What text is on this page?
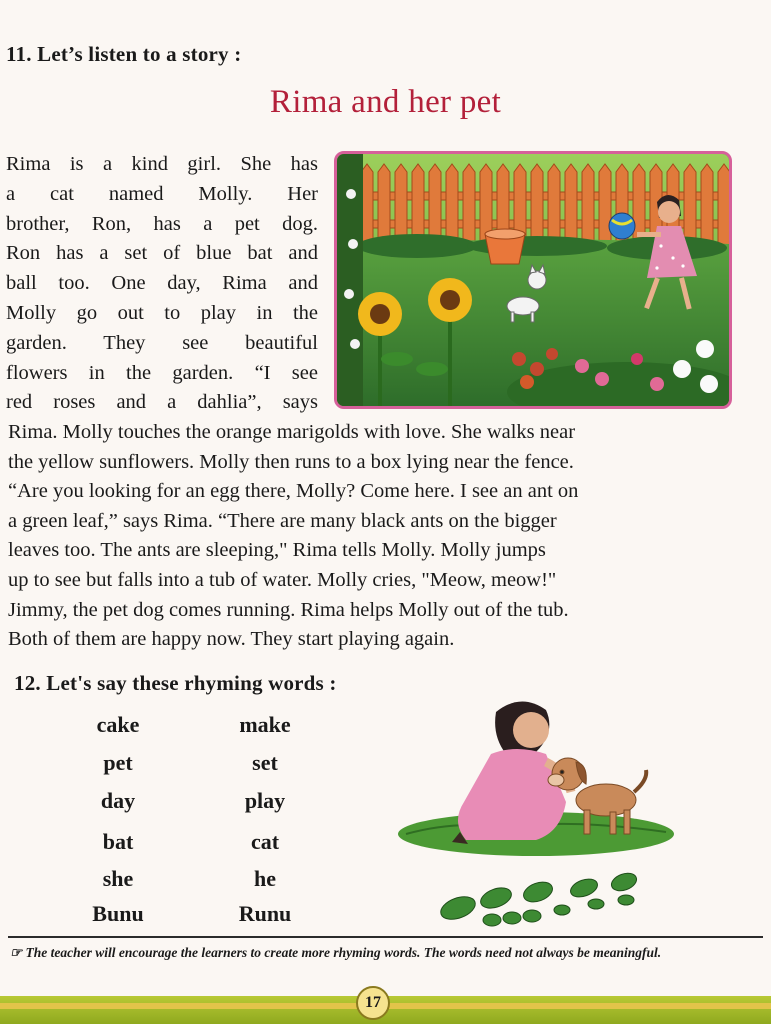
11. Let’s listen to a story :
Rima and her pet
Rima is a kind girl. She has
a cat named Molly. Her
brother, Ron, has a pet dog.
Ron has a set of blue bat and
ball too. One day, Rima and
Molly go out to play in the
garden. They see beautiful
flowers in the garden. “I see
red roses and a dahlia”, says
Rima. Molly touches the orange marigolds with love. She walks near
the yellow sunflowers. Molly then runs to a box lying near the fence.
“Are you looking for an egg there, Molly? Come here. I see an ant on
a green leaf,” says Rima. “There are many black ants on the bigger
leaves too. The ants are sleeping," Rima tells Molly. Molly jumps
up to see but falls into a tub of water. Molly cries, "Meow, meow!"
Jimmy, the pet dog comes running. Rima helps Molly out of the tub.
Both of them are happy now. They start playing again.
12. Let's say these rhyming words :
cake	make
pet	set
day	play
bat	cat
she	he
Bunu	Runu
☞ The teacher will encourage the learners to create more rhyming words. The words need not always be meaningful.
17
